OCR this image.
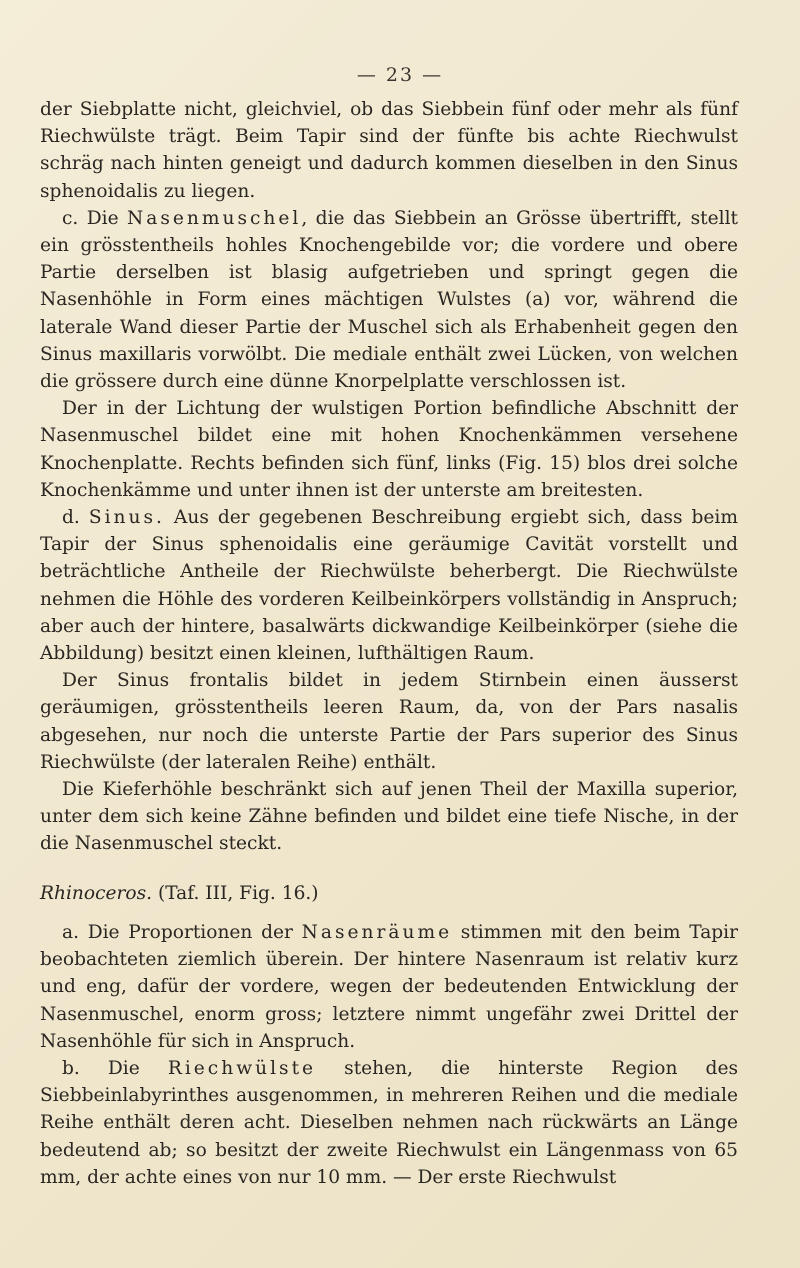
— 23 —

der Siebplatte nicht, gleichviel, ob das Siebbein fünf oder mehr als fünf Riechwülste trägt. Beim Tapir sind der fünfte bis achte Riechwulst schräg nach hinten geneigt und dadurch kommen dieselben in den Sinus sphenoidalis zu liegen.

c. Die Nasenmuschel, die das Siebbein an Grösse übertrifft, stellt ein grösstentheils hohles Knochengebilde vor; die vordere und obere Partie derselben ist blasig aufgetrieben und springt gegen die Nasenhöhle in Form eines mächtigen Wulstes (a) vor, während die laterale Wand dieser Partie der Muschel sich als Erhabenheit gegen den Sinus maxillaris vorwölbt. Die mediale enthält zwei Lücken, von welchen die grössere durch eine dünne Knorpelplatte verschlossen ist.

Der in der Lichtung der wulstigen Portion befindliche Abschnitt der Nasenmuschel bildet eine mit hohen Knochenkämmen versehene Knochenplatte. Rechts befinden sich fünf, links (Fig. 15) blos drei solche Knochenkämme und unter ihnen ist der unterste am breitesten.

d. Sinus. Aus der gegebenen Beschreibung ergiebt sich, dass beim Tapir der Sinus sphenoidalis eine geräumige Cavität vorstellt und beträchtliche Antheile der Riechwülste beherbergt. Die Riechwülste nehmen die Höhle des vorderen Keilbeinkörpers vollständig in Anspruch; aber auch der hintere, basalwärts dickwandige Keilbeinkörper (siehe die Abbildung) besitzt einen kleinen, lufthältigen Raum.

Der Sinus frontalis bildet in jedem Stirnbein einen äusserst geräumigen, grösstentheils leeren Raum, da, von der Pars nasalis abgesehen, nur noch die unterste Partie der Pars superior des Sinus Riechwülste (der lateralen Reihe) enthält.

Die Kieferhöhle beschränkt sich auf jenen Theil der Maxilla superior, unter dem sich keine Zähne befinden und bildet eine tiefe Nische, in der die Nasenmuschel steckt.

Rhinoceros. (Taf. III, Fig. 16.)

a. Die Proportionen der Nasenräume stimmen mit den beim Tapir beobachteten ziemlich überein. Der hintere Nasenraum ist relativ kurz und eng, dafür der vordere, wegen der bedeutenden Entwicklung der Nasenmuschel, enorm gross; letztere nimmt ungefähr zwei Drittel der Nasenhöhle für sich in Anspruch.

b. Die Riechwülste stehen, die hinterste Region des Siebbeinlabyrinthes ausgenommen, in mehreren Reihen und die mediale Reihe enthält deren acht. Dieselben nehmen nach rückwärts an Länge bedeutend ab; so besitzt der zweite Riechwulst ein Längenmass von 65 mm, der achte eines von nur 10 mm. — Der erste Riechwulst
